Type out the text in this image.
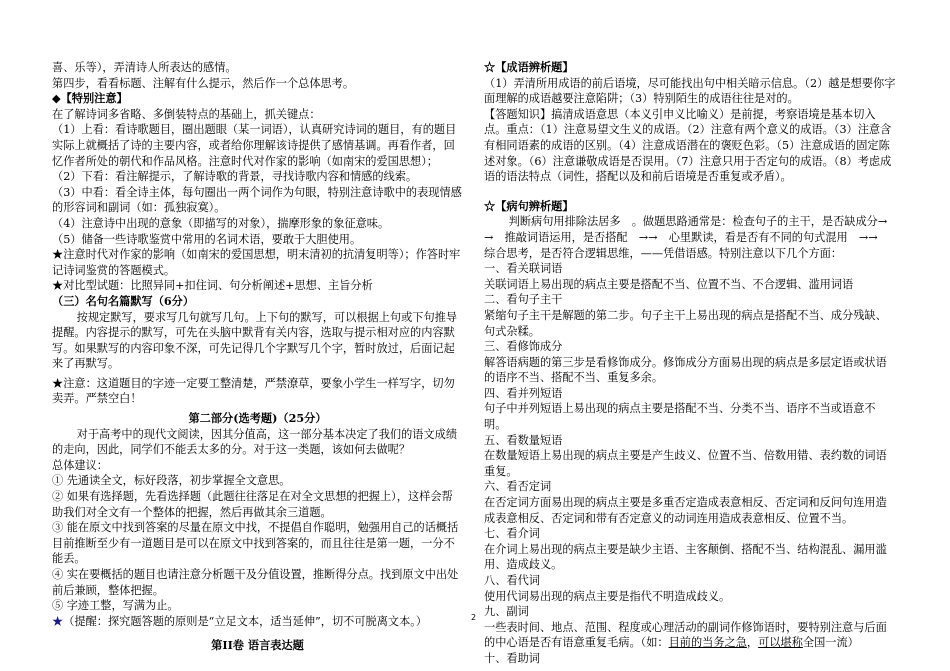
喜、乐等），弄清诗人所表达的感情。

第四步，看看标题、注解有什么提示，然后作一个总体思考。

◆【特别注意】

在了解诗词多省略、多倒装特点的基础上，抓关键点：

（1）上看：看诗歌题目，圈出题眼（某一词语），认真研究诗词的题目，有的题目实际上就概括了诗的主要内容，或者给你理解该诗提供了感情基调。再看作者，回忆作者所处的朝代和作品风格。注意时代对作家的影响（如南宋的爱国思想）；

（2）下看：看注解提示，了解诗歌的背景，寻找诗歌内容和情感的线索。

（3）中看：看全诗主体，每句圈出一两个词作为句眼，特别注意诗歌中的表现情感的形容词和副词（如：孤独寂寞）。

（4）注意诗中出现的意象（即描写的对象），揣摩形象的象征意味。

（5）储备一些诗歌鉴赏中常用的名词术语，要敢于大胆使用。

★注意时代对作家的影响（如南宋的爱国思想，明末清初的抗清复明等）；作答时牢记诗词鉴赏的答题模式。

★对比型试题：比照异同+扣住词、句分析阐述+思想、主旨分析

（三）名句名篇默写（6分）

按规定默写，要求写几句就写几句。上下句的默写，可以根据上句或下句推导提醒。内容提示的默写，可先在头脑中默背有关内容，选取与提示相对应的内容默写。如果默写的内容印象不深，可先记得几个字默写几个字，暂时放过，后面记起来了再默写。

★注意：这道题目的字迹一定要工整清楚，严禁潦草，要象小学生一样写字，切勿卖弄。严禁空白！

第二部分(选考题)（25分）

对于高考中的现代文阅读，因其分值高，这一部分基本决定了我们的语文成绩的走向，因此，同学们不能丢太多的分。对于这一类题，该如何去做呢？

总体建议：

① 先通读全文，标好段落，初步掌握全文意思。

② 如果有选择题，先看选择题（此题往往落足在对全文思想的把握上），这样会帮助我们对全文有一个整体的把握，然后再做其余三道题。

③ 能在原文中找到答案的尽量在原文中找，不提倡自作聪明，勉强用自己的话概括目前推断至少有一道题目是可以在原文中找到答案的，而且往往是第一题，一分不能丢。

④ 实在要概括的题目也请注意分析题干及分值设置，推断得分点。找到原文中出处前后兼顾，整体把握。

⑤ 字迹工整，写满为止。

★（提醒：探究题答题的原则是“立足文本，适当延伸”，切不可脱离文本。）

第II卷 语言表达题

☆【成语辨析题】

（1）弄清所用成语的前后语境，尽可能找出句中相关暗示信息。（2）越是想要你字面理解的成语越要注意陷阱；（3）特别陌生的成语往往是对的。

【答题知识】搞清成语意思（本义引申义比喻义）是前提，考察语境是基本切入点。重点：（1）注意易望文生义的成语。（2）注意有两个意义的成语。（3）注意含有相同语素的成语的区别。（4）注意成语潜在的褒贬色彩。（5）注意成语的固定陈述对象。（6）注意谦敬成语是否误用。（7）注意只用于否定句的成语。（8）考虑成语的语法特点（词性，搭配以及和前后语境是否重复或矛盾）。

☆【病句辨析题】

判断病句用排除法居多　。做题思路通常是：检查句子的主干，是否缺成分→　→　推敲词语运用，是否搭配　→→　心里默读，看是否有不同的句式混用　→→　综合思考，是否符合逻辑思维，——凭借语感。特别注意以下几个方面：

一、看关联词语

关联词语上易出现的病点主要是搭配不当、位置不当、不合逻辑、滥用词语

二、看句子主干

紧缩句子主干是解题的第二步。句子主干上易出现的病点是搭配不当、成分残缺、句式杂糅。

三、看修饰成分

解答语病题的第三步是看修饰成分。修饰成分方面易出现的病点是多层定语或状语的语序不当、搭配不当、重复多余。

四、看并列短语

句子中并列短语上易出现的病点主要是搭配不当、分类不当、语序不当或语意不明。

五、看数量短语

在数量短语上易出现的病点主要是产生歧义、位置不当、倍数用错、表约数的词语重复。

六、看否定词

在否定词方面易出现的病点主要是多重否定造成表意相反、否定词和反问句连用造成表意相反、否定词和带有否定意义的动词连用造成表意相反、位置不当。

七、看介词

在介词上易出现的病点主要是缺少主语、主客颠倒、搭配不当、结构混乱、漏用滥用、造成歧义。

八、看代词

使用代词易出现的病点主要是指代不明造成歧义。

九、副词

一些表时间、地点、范围、程度或心理活动的副词作修饰语时，要特别注意与后面的中心语是否有语意重复毛病。（如：目前的当务之急，可以堪称全国一流）

十、看助词

2
